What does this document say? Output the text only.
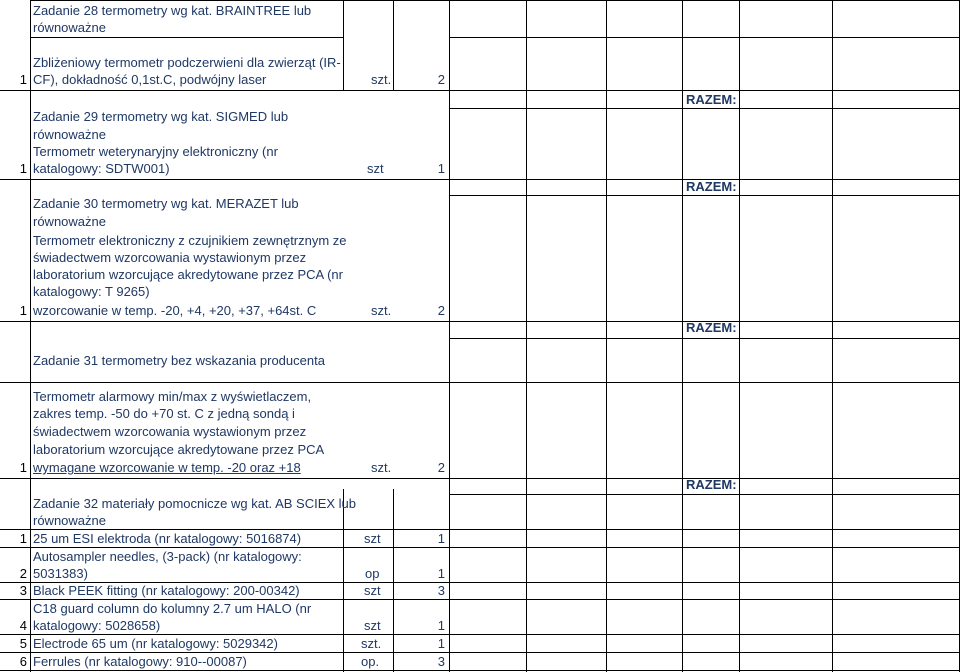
Zadanie 28 termometry wg kat. BRAINTREE lub
równoważne
Zbliżeniowy termometr podczerwieni dla zwierząt (IR-
CF), dokładność 0,1st.C, podwójny laser
1	szt.	2
RAZEM:
Zadanie 29 termometry wg kat. SIGMED lub
równoważne
Termometr weterynaryjny elektroniczny (nr
katalogowy: SDTW001)
1	szt	1
RAZEM:
Zadanie 30 termometry wg kat. MERAZET lub
równoważne
Termometr elektroniczny z czujnikiem zewnętrznym ze
świadectwem wzorcowania wystawionym przez
laboratorium wzorcujące akredytowane przez PCA (nr
katalogowy: T 9265)
wzorcowanie w temp. -20, +4, +20, +37, +64st. C
1	szt.	2
RAZEM:
Zadanie 31 termometry bez wskazania producenta
Termometr alarmowy min/max z wyświetlaczem,
zakres temp. -50 do +70 st. C z jedną sondą i
świadectwem wzorcowania wystawionym przez
laboratorium wzorcujące akredytowane przez PCA
wymagane wzorcowanie w temp. -20 oraz +18
1	szt.	2
RAZEM:
Zadanie 32 materiały pomocnicze wg kat. AB SCIEX lub
równoważne
1 25 um ESI elektroda (nr katalogowy: 5016874)	szt	1
Autosampler needles, (3-pack) (nr katalogowy:
2 5031383)	op	1
3 Black PEEK fitting (nr katalogowy: 200-00342)	szt	3
C18 guard column do kolumny 2.7 um HALO (nr
4 katalogowy: 5028658)	szt	1
5 Electrode 65 um (nr katalogowy: 5029342)	szt.	1
6 Ferrules (nr katalogowy: 910--00087)	op.	3
